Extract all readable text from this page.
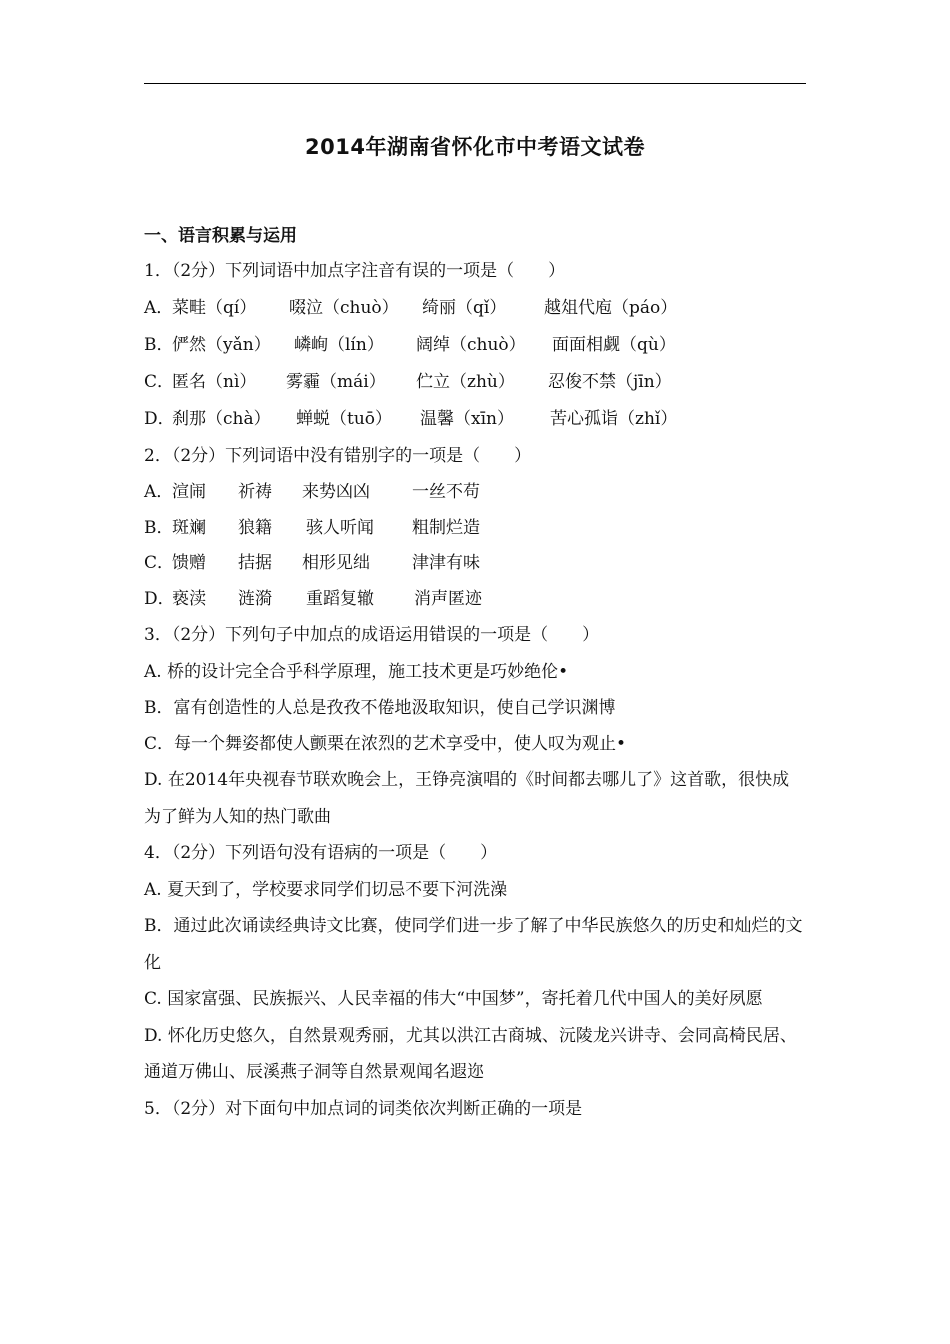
2014年湖南省怀化市中考语文试卷
一、语言积累与运用
1．（2分）下列词语中加点字注音有误的一项是（　　）
A．
菜畦（qí） 啜泣（chuò） 绮丽（qǐ） 越俎代庖（páo）
B．
俨然（yǎn） 嶙峋（lín） 阔绰（chuò） 面面相觑（qù）
C．
匿名（nì） 雾霾（mái） 伫立（zhù） 忍俊不禁（jīn）
D．
刹那（chà） 蝉蜕（tuō） 温馨（xīn） 苦心孤诣（zhǐ）
2．（2分）下列词语中没有错别字的一项是（　　）
A．
渲闹 祈祷 来势凶凶 一丝不苟
B．
斑斓 狼籍 骇人听闻 粗制烂造
C．
馈赠 拮据 相形见绌 津津有味
D．
亵渎 涟漪 重蹈复辙 消声匿迹
3．（2分）下列句子中加点的成语运用错误的一项是（　　）
A. 桥的设计完全合乎科学原理，施工技术更是巧妙绝伦•
B．富有创造性的人总是孜孜不倦地汲取知识，使自己学识渊博
C．每一个舞姿都使人颤栗在浓烈的艺术享受中，使人叹为观止•
D. 在2014年央视春节联欢晚会上，王铮亮演唱的《时间都去哪儿了》这首歌，很快成为了鲜为人知的热门歌曲
4．（2分）下列语句没有语病的一项是（　　）
A. 夏天到了，学校要求同学们切忌不要下河洗澡
B．通过此次诵读经典诗文比赛，使同学们进一步了解了中华民族悠久的历史和灿烂的文化
C. 国家富强、民族振兴、人民幸福的伟大“中国梦”，寄托着几代中国人的美好夙愿
D. 怀化历史悠久，自然景观秀丽，尤其以洪江古商城、沅陵龙兴讲寺、会同高椅民居、通道万佛山、辰溪燕子洞等自然景观闻名遐迩
5．（2分）对下面句中加点词的词类依次判断正确的一项是
